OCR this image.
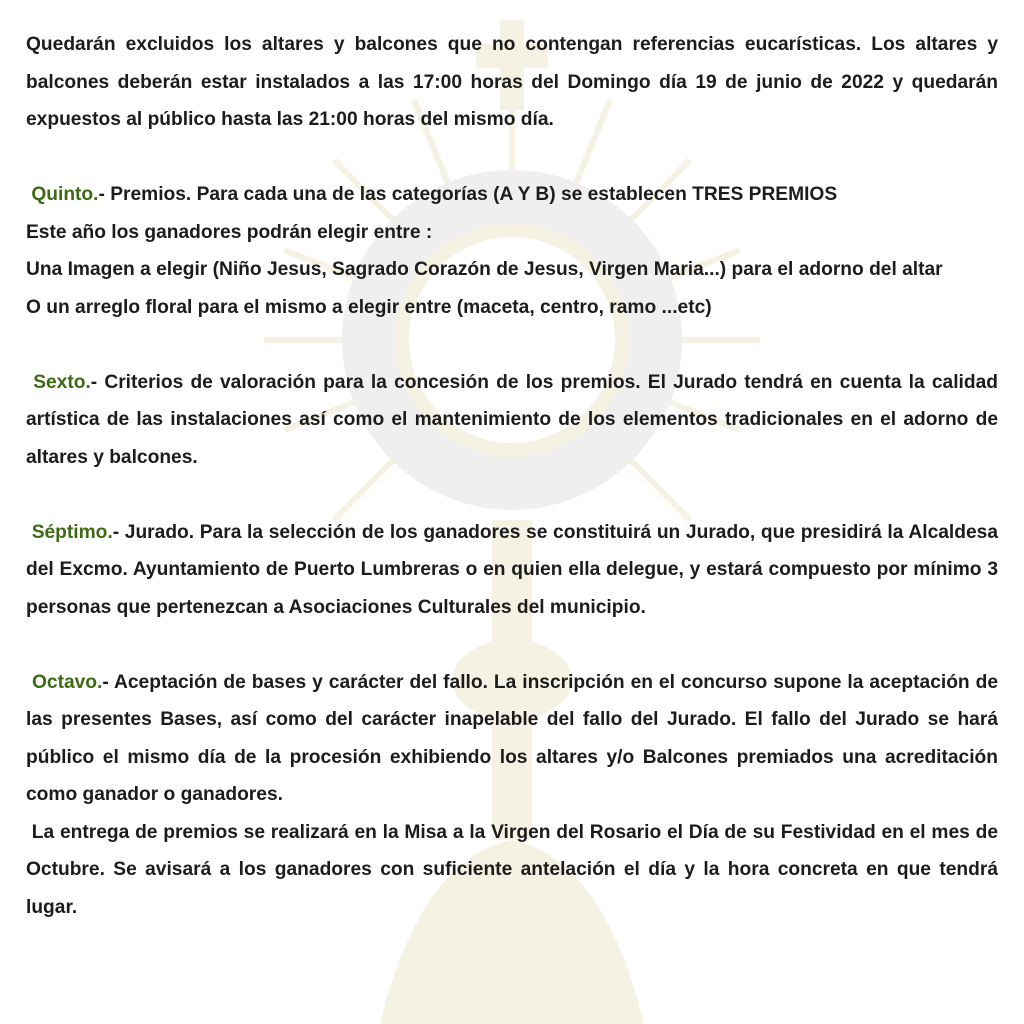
Quedarán excluidos los altares y balcones que no contengan referencias eucarísticas. Los altares y balcones deberán estar instalados a las 17:00 horas del Domingo día 19 de junio de 2022 y quedarán expuestos al público hasta las 21:00 horas del mismo día.

Quinto.- Premios. Para cada una de las categorías (A Y B) se establecen TRES PREMIOS

Este año los ganadores podrán elegir entre :

Una Imagen a elegir (Niño Jesus, Sagrado Corazón de Jesus, Virgen Maria...) para el adorno del altar

O un arreglo floral para el mismo a elegir entre (maceta, centro, ramo ...etc)

Sexto.- Criterios de valoración para la concesión de los premios. El Jurado tendrá en cuenta la calidad artística de las instalaciones así como el mantenimiento de los elementos tradicionales en el adorno de altares y balcones.

Séptimo.- Jurado. Para la selección de los ganadores se constituirá un Jurado, que presidirá la Alcaldesa del Excmo. Ayuntamiento de Puerto Lumbreras o en quien ella delegue, y estará compuesto por mínimo 3 personas que pertenezcan a Asociaciones Culturales del municipio.

Octavo.- Aceptación de bases y carácter del fallo. La inscripción en el concurso supone la aceptación de las presentes Bases, así como del carácter inapelable del fallo del Jurado. El fallo del Jurado se hará público el mismo día de la procesión exhibiendo los altares y/o Balcones premiados una acreditación como ganador o ganadores.

La entrega de premios se realizará en la Misa a la Virgen del Rosario el Día de su Festividad en el mes de Octubre. Se avisará a los ganadores con suficiente antelación el día y la hora concreta en que tendrá lugar.
